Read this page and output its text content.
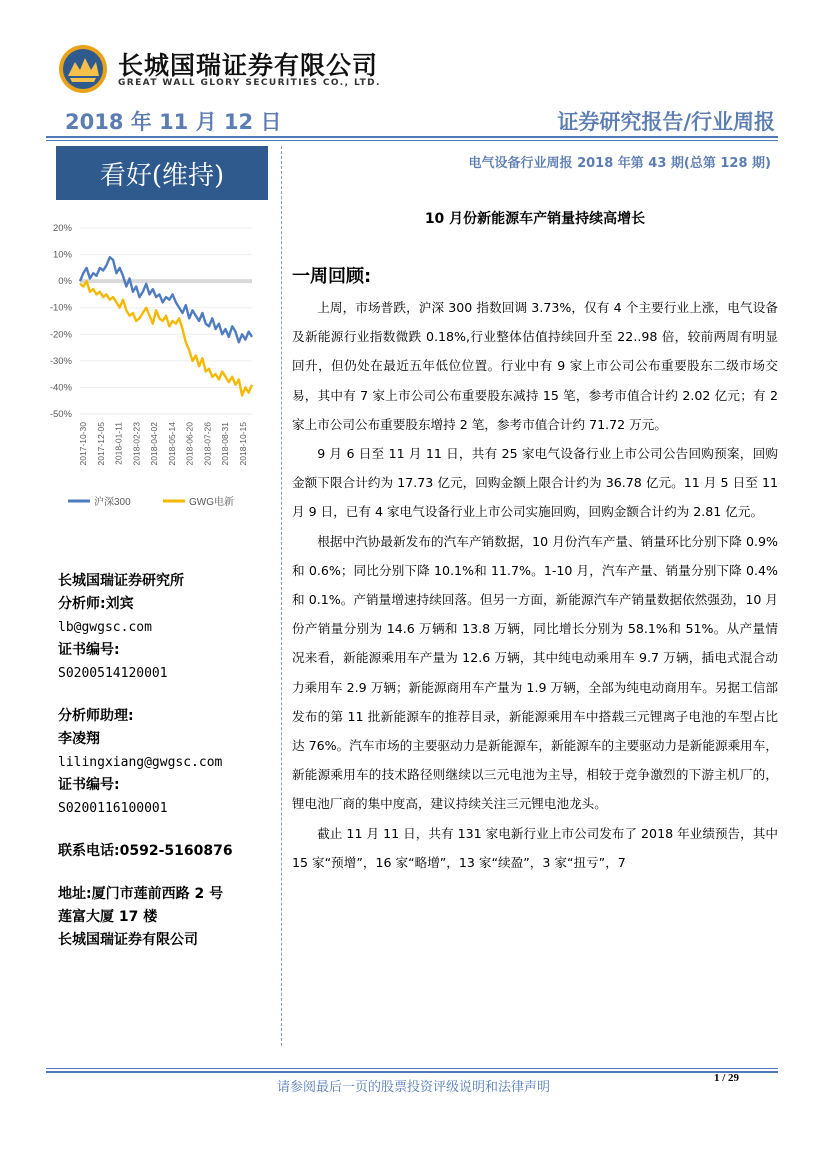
长城国瑞证券有限公司
GREAT WALL GLORY SECURITIES CO., LTD.
2018 年 11 月 12 日	证券研究报告/行业周报
看好(维持)
20%
10%
0%
-10%
-20%
-30%
-40%
-50%
2017-10-30 2017-12-05 2018-01-11 2018-02-23 2018-04-02 2018-05-14 2018-06-20 2018-07-26 2018-08-31 2018-10-15
沪深300	GWG电新
长城国瑞证券研究所
分析师:刘宾
lb@gwgsc.com
证书编号:
S0200514120001
分析师助理:
李凌翔
lilingxiang@gwgsc.com
证书编号:
S0200116100001
联系电话:0592-5160876
地址:厦门市莲前西路 2 号
莲富大厦 17 楼
长城国瑞证券有限公司
电气设备行业周报 2018 年第 43 期(总第 128 期)
10 月份新能源车产销量持续高增长
一周回顾:

上周，市场普跌，沪深 300 指数回调 3.73%，仅有 4 个主要行业上涨，电气设备及新能源行业指数微跌 0.18%,行业整体估值持续回升至 22..98 倍，较前两周有明显回升，但仍处在最近五年低位位置。行业中有 9 家上市公司公布重要股东二级市场交易，其中有 7 家上市公司公布重要股东减持 15 笔，参考市值合计约 2.02 亿元；有 2 家上市公司公布重要股东增持 2 笔，参考市值合计约 71.72 万元。

9 月 6 日至 11 月 11 日，共有 25 家电气设备行业上市公司公告回购预案，回购金额下限合计约为 17.73 亿元，回购金额上限合计约为 36.78 亿元。11 月 5 日至 11 月 9 日，已有 4 家电气设备行业上市公司实施回购，回购金额合计约为 2.81 亿元。

根据中汽协最新发布的汽车产销数据，10 月份汽车产量、销量环比分别下降 0.9%和 0.6%；同比分别下降 10.1%和 11.7%。1-10 月，汽车产量、销量分别下降 0.4%和 0.1%。产销量增速持续回落。但另一方面，新能源汽车产销量数据依然强劲，10 月份产销量分别为 14.6 万辆和 13.8 万辆，同比增长分别为 58.1%和 51%。从产量情况来看，新能源乘用车产量为 12.6 万辆，其中纯电动乘用车 9.7 万辆，插电式混合动力乘用车 2.9 万辆；新能源商用车产量为 1.9 万辆，全部为纯电动商用车。另据工信部发布的第 11 批新能源车的推荐目录，新能源乘用车中搭载三元锂离子电池的车型占比达 76%。汽车市场的主要驱动力是新能源车，新能源车的主要驱动力是新能源乘用车，新能源乘用车的技术路径则继续以三元电池为主导，相较于竞争激烈的下游主机厂的，锂电池厂商的集中度高，建议持续关注三元锂电池龙头。

截止 11 月 11 日，共有 131 家电新行业上市公司发布了 2018 年业绩预告，其中 15 家“预增”，16 家“略增”，13 家“续盈”，3 家“扭亏”，7

请参阅最后一页的股票投资评级说明和法律声明
1 / 29
